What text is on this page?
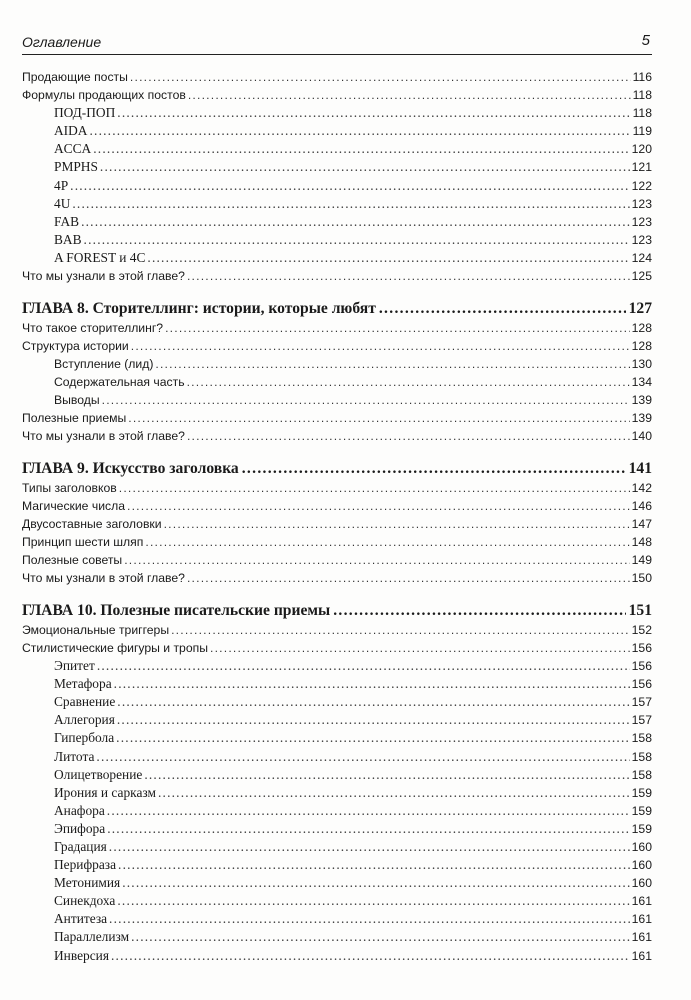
Оглавление	5
Продающие посты .....	116
Формулы продающих постов .....	118
ПОД-ПОП .....	118
AIDA .....	119
ACCA .....	120
PMPHS .....	121
4P .....	122
4U .....	123
FAB .....	123
BAB .....	123
A FOREST и 4C .....	124
Что мы узнали в этой главе? .....	125
ГЛАВА 8. Сторителлинг: истории, которые любят .....	127
Что такое сторителлинг? .....	128
Структура истории .....	128
Вступление (лид) .....	130
Содержательная часть .....	134
Выводы .....	139
Полезные приемы .....	139
Что мы узнали в этой главе? .....	140
ГЛАВА 9. Искусство заголовка .....	141
Типы заголовков .....	142
Магические числа .....	146
Двусоставные заголовки .....	147
Принцип шести шляп .....	148
Полезные советы .....	149
Что мы узнали в этой главе? .....	150
ГЛАВА 10. Полезные писательские приемы .....	151
Эмоциональные триггеры .....	152
Стилистические фигуры и тропы .....	156
Эпитет .....	156
Метафора .....	156
Сравнение .....	157
Аллегория .....	157
Гипербола .....	158
Литота .....	158
Олицетворение .....	158
Ирония и сарказм .....	159
Анафора .....	159
Эпифора .....	159
Градация .....	160
Перифраза .....	160
Метонимия .....	160
Синекдоха .....	161
Антитеза .....	161
Параллелизм .....	161
Инверсия .....	161
